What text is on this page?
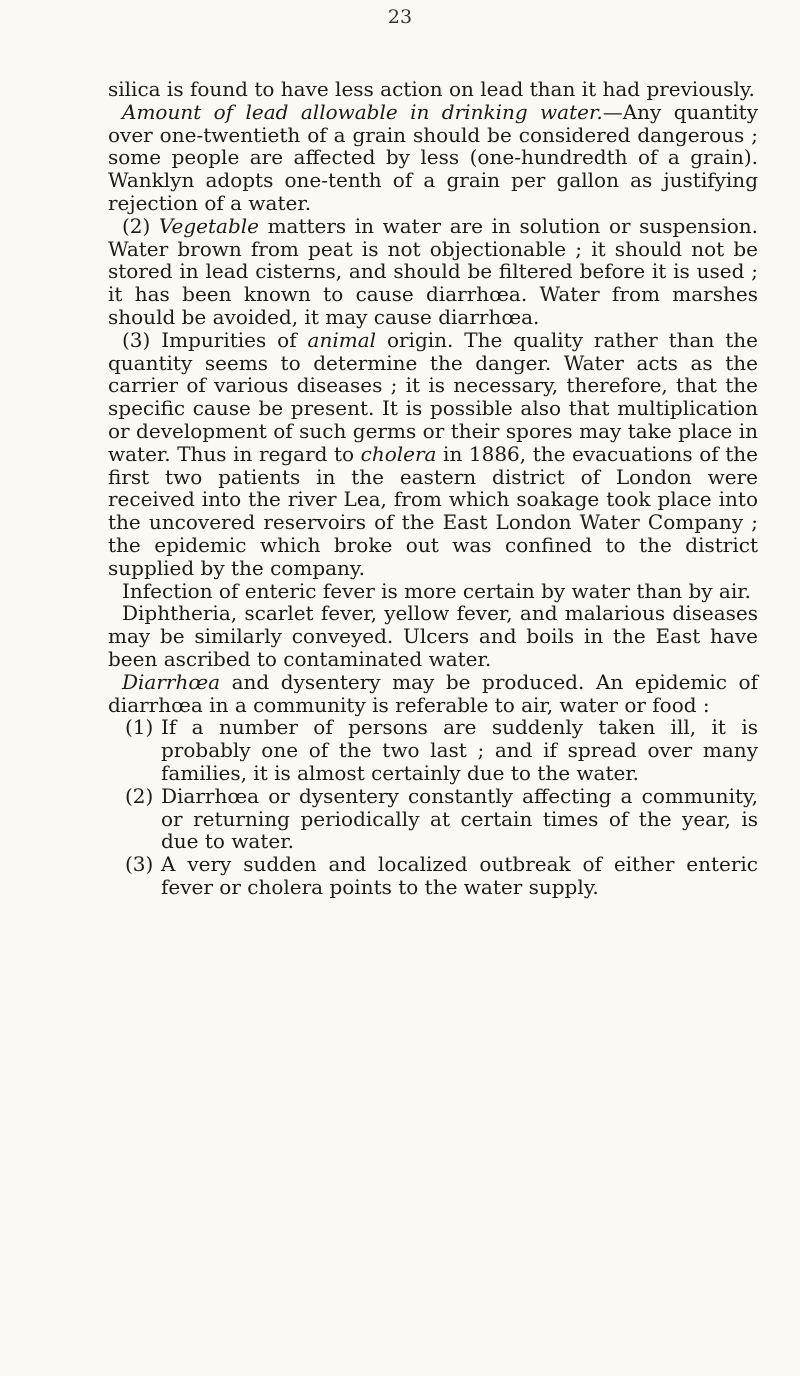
23

silica is found to have less action on lead than it had previously.

Amount of lead allowable in drinking water.—Any quantity over one-twentieth of a grain should be considered dangerous ; some people are affected by less (one-hundredth of a grain). Wanklyn adopts one-tenth of a grain per gallon as justifying rejection of a water.

(2) Vegetable matters in water are in solution or suspension. Water brown from peat is not objectionable ; it should not be stored in lead cisterns, and should be filtered before it is used ; it has been known to cause diarrhœa. Water from marshes should be avoided, it may cause diarrhœa.

(3) Impurities of animal origin. The quality rather than the quantity seems to determine the danger. Water acts as the carrier of various diseases ; it is necessary, therefore, that the specific cause be present. It is possible also that multiplication or development of such germs or their spores may take place in water. Thus in regard to cholera in 1886, the evacuations of the first two patients in the eastern district of London were received into the river Lea, from which soakage took place into the uncovered reservoirs of the East London Water Company ; the epidemic which broke out was confined to the district supplied by the company.

Infection of enteric fever is more certain by water than by air.

Diphtheria, scarlet fever, yellow fever, and malarious diseases may be similarly conveyed. Ulcers and boils in the East have been ascribed to contaminated water.

Diarrhœa and dysentery may be produced. An epidemic of diarrhœa in a community is referable to air, water or food :

(1) If a number of persons are suddenly taken ill, it is probably one of the two last ; and if spread over many families, it is almost certainly due to the water.
(2) Diarrhœa or dysentery constantly affecting a community, or returning periodically at certain times of the year, is due to water.
(3) A very sudden and localized outbreak of either enteric fever or cholera points to the water supply.
